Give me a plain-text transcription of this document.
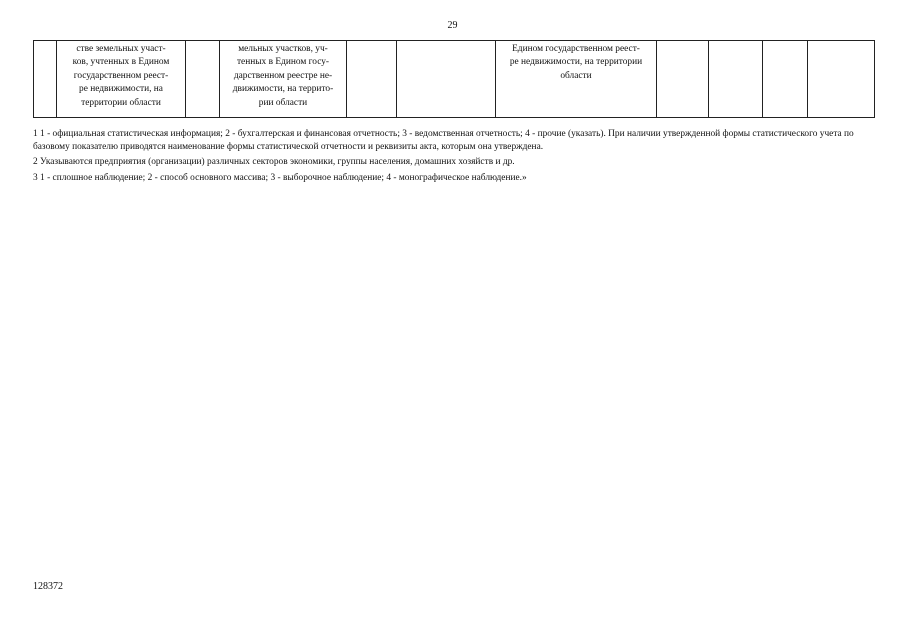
29
	стве земельных участ-
ков, учтенных в Едином
государственном реест-
ре недвижимости, на
территории области		мельных участков, уч-
тенных в Едином госу-
дарственном реестре не-
движимости, на террито-
рии области			Едином государственном реест-
ре недвижимости, на территории
области				

1 1 - официальная статистическая информация; 2 - бухгалтерская и финансовая отчетность; 3 - ведомственная отчетность; 4 - прочие (указать). При наличии утвержденной формы статистического учета по базовому показателю приводятся наименование формы статистической отчетности и реквизиты акта, которым она утверждена.

2 Указываются предприятия (организации) различных секторов экономики, группы населения, домашних хозяйств и др.

3 1 - сплошное наблюдение; 2 - способ основного массива; 3 - выборочное наблюдение; 4 - монографическое наблюдение.»

128372
